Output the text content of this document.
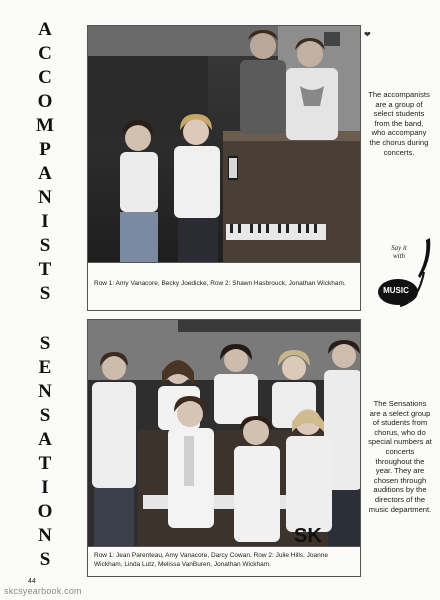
A
C
C
O
M
P
A
N
I
S
T
S
S
E
N
S
A
T
I
O
N
S
❤
Row 1: Amy Vanacore, Becky Joedicke, Row 2: Shawn Hasbrouck, Jonathan Wickham.
The accompanists are a group of select students from the band, who accompany the chorus during concerts.
Say it
with
MUSIC
SK
Row 1: Jean Parenteau, Amy Vanacore, Darcy Cowan, Row 2: Julie Hills, Joanne Wickham, Linda Lutz, Melissa VanBuren, Jonathan Wickham.
The Sensations are a select group of students from chorus, who do special numbers at concerts throughout the year. They are chosen through auditions by the directors of the music department.
44
skcsyearbook.com
